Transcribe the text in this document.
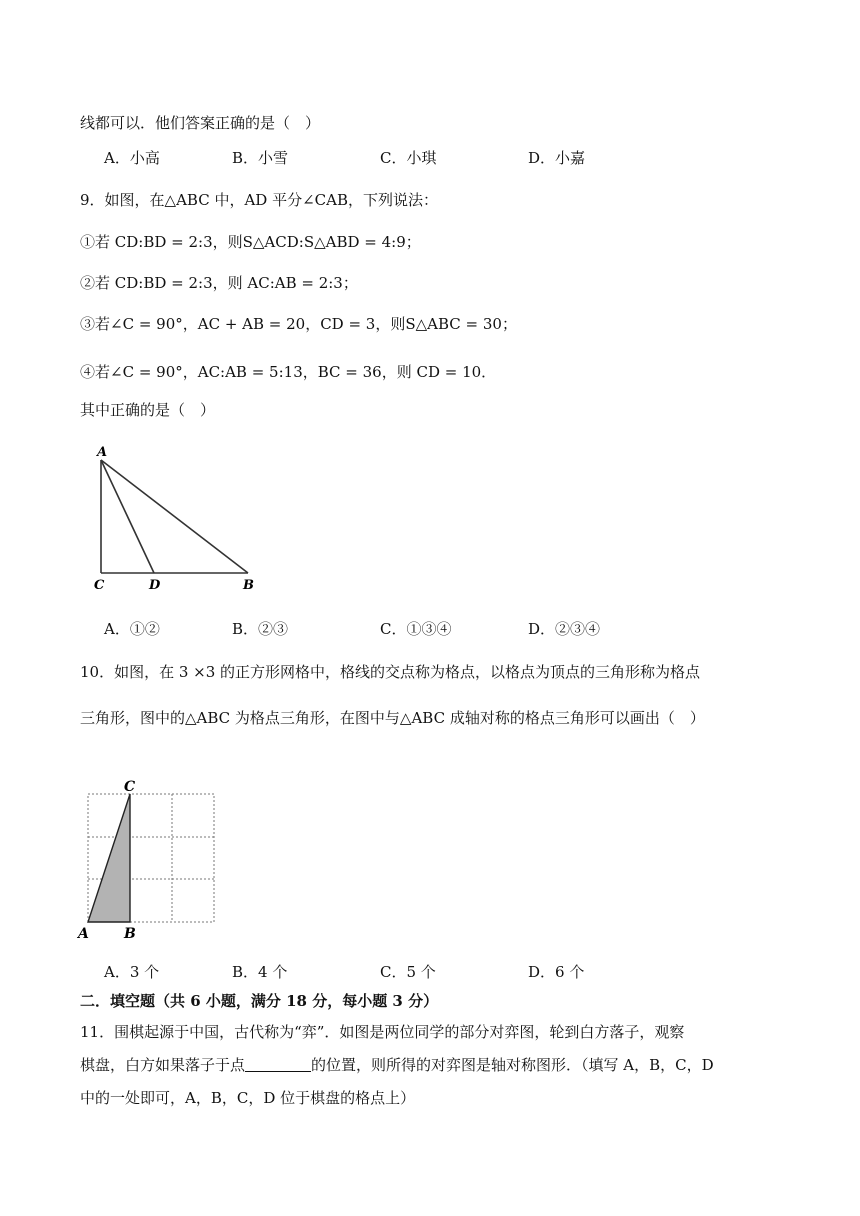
线都可以．他们答案正确的是（　）
A．小高	B．小雪	C．小琪	D．小嘉
9．如图，在△ABC 中，AD 平分∠CAB，下列说法：
①若 CD:BD = 2:3，则S△ACD:S△ABD = 4:9；
②若 CD:BD = 2:3，则 AC:AB = 2:3；
③若∠C = 90°，AC + AB = 20，CD = 3，则S△ABC = 30；
④若∠C = 90°，AC:AB = 5:13，BC = 36，则 CD = 10．
其中正确的是（　）
A
C	D	B
A．①②	B．②③	C．①③④	D．②③④
10．如图，在 3 ×3 的正方形网格中，格线的交点称为格点，以格点为顶点的三角形称为格点
三角形，图中的△ABC 为格点三角形，在图中与△ABC 成轴对称的格点三角形可以画出（　）
C
A	B
A．3 个	B．4 个	C．5 个	D．6 个
二．填空题（共 6 小题，满分 18 分，每小题 3 分）
11．围棋起源于中国，古代称为“弈”．如图是两位同学的部分对弈图，轮到白方落子，观察
棋盘，白方如果落子于点	的位置，则所得的对弈图是轴对称图形．（填写 A，B，C，D
中的一处即可，A，B，C，D 位于棋盘的格点上）
